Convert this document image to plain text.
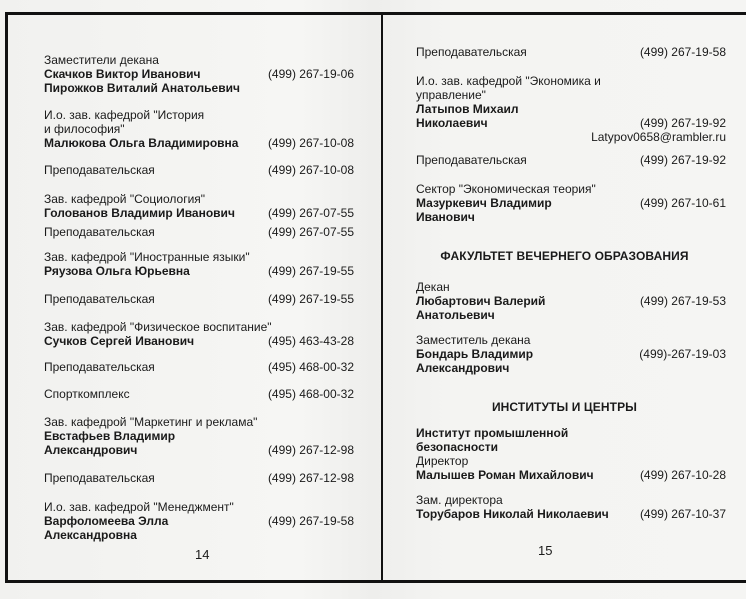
Заместители декана
Скачков Виктор Иванович	(499) 267-19-06
Пирожков Виталий Анатольевич
И.о. зав. кафедрой "История
и философия"
Малюкова Ольга Владимировна (499) 267-10-08
Преподавательская	(499) 267-10-08
Зав. кафедрой "Социология"
Голованов Владимир Иванович	(499) 267-07-55
Преподавательская	(499) 267-07-55
Зав. кафедрой "Иностранные языки"
Ряузова Ольга Юрьевна	(499) 267-19-55
Преподавательская	(499) 267-19-55
Зав. кафедрой "Физическое воспитание"
Сучков Сергей Иванович	(495) 463-43-28
Преподавательская	(495) 468-00-32
Спорткомплекс	(495) 468-00-32
Зав. кафедрой "Маркетинг и реклама"
Евстафьев Владимир
Александрович	(499) 267-12-98
Преподавательская	(499) 267-12-98
И.о. зав. кафедрой "Менеджмент"
Варфоломеева Элла	(499) 267-19-58
Александровна
14
Преподавательская	(499) 267-19-58
И.о. зав. кафедрой "Экономика и
управление"
Латыпов Михаил
Николаевич	(499) 267-19-92
Latypov0658@rambler.ru
Преподавательская	(499) 267-19-92
Сектор "Экономическая теория"
Мазуркевич Владимир	(499) 267-10-61
Иванович
ФАКУЛЬТЕТ ВЕЧЕРНЕГО ОБРАЗОВАНИЯ
Декан
Любартович Валерий	(499) 267-19-53
Анатольевич
Заместитель декана
Бондарь Владимир	(499)-267-19-03
Александрович
ИНСТИТУТЫ И ЦЕНТРЫ
Институт промышленной
безопасности
Директор
Малышев Роман Михайлович	(499) 267-10-28
Зам. директора
Торубаров Николай Николаевич	(499) 267-10-37
15
